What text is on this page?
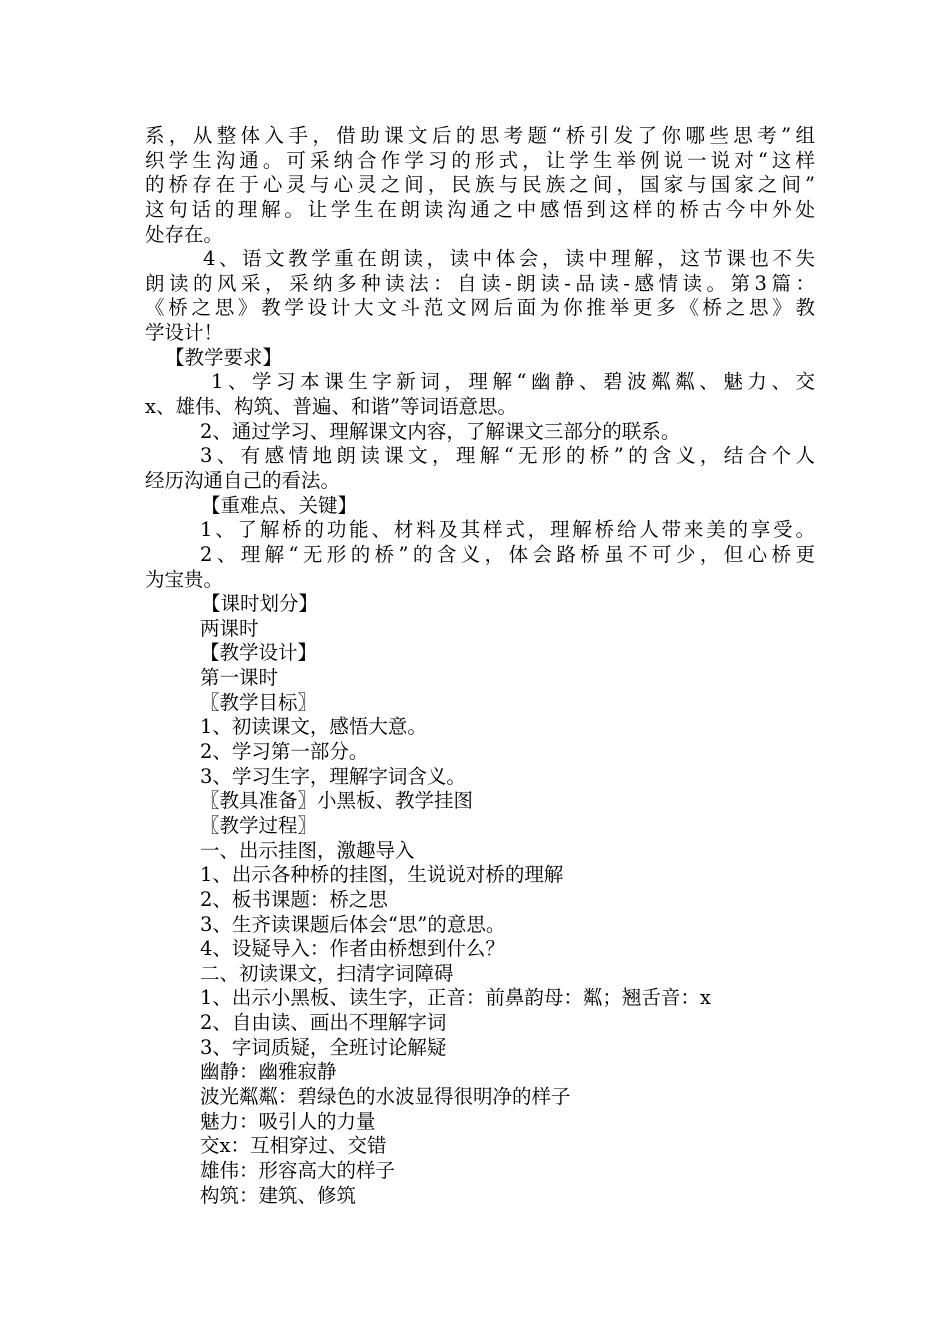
系，从整体入手，借助课文后的思考题“桥引发了你哪些思考”组
织学生沟通。可采纳合作学习的形式，让学生举例说一说对“这样
的桥存在于心灵与心灵之间，民族与民族之间，国家与国家之间”
这句话的理解。让学生在朗读沟通之中感悟到这样的桥古今中外处
处存在。
4、语文教学重在朗读，读中体会，读中理解，这节课也不失
朗读的风采，采纳多种读法：自读-朗读-品读-感情读。第3篇：
《桥之思》教学设计大文斗范文网后面为你推举更多《桥之思》教
学设计！
【教学要求】
1、学习本课生字新词，理解“幽静、碧波粼粼、魅力、交
x、雄伟、构筑、普遍、和谐”等词语意思。
2、通过学习、理解课文内容，了解课文三部分的联系。
3、有感情地朗读课文，理解“无形的桥”的含义，结合个人
经历沟通自己的看法。
【重难点、关键】
1、了解桥的功能、材料及其样式，理解桥给人带来美的享受。
2、理解“无形的桥”的含义，体会路桥虽不可少，但心桥更
为宝贵。
【课时划分】
两课时
【教学设计】
第一课时
〖教学目标〗
1、初读课文，感悟大意。
2、学习第一部分。
3、学习生字，理解字词含义。
〖教具准备〗小黑板、教学挂图
〖教学过程〗
一、出示挂图，激趣导入
1、出示各种桥的挂图，生说说对桥的理解
2、板书课题：桥之思
3、生齐读课题后体会“思”的意思。
4、设疑导入：作者由桥想到什么？
二、初读课文，扫清字词障碍
1、出示小黑板、读生字，正音：前鼻韵母：粼；翘舌音：x
2、自由读、画出不理解字词
3、字词质疑，全班讨论解疑
幽静：幽雅寂静
波光粼粼：碧绿色的水波显得很明净的样子
魅力：吸引人的力量
交x：互相穿过、交错
雄伟：形容高大的样子
构筑：建筑、修筑
